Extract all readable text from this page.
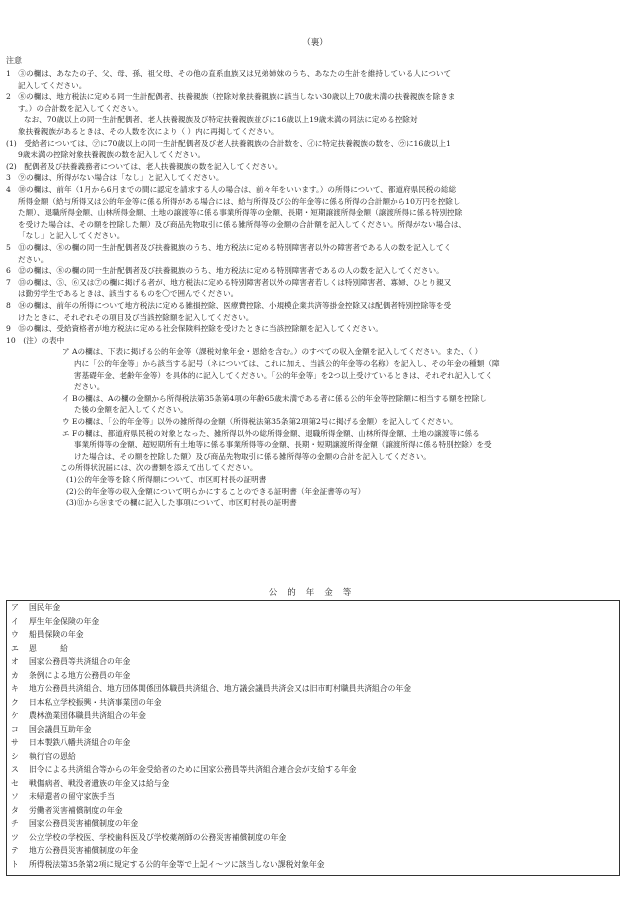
（裏）
注意
1　③の欄は、あなたの子、父、母、孫、祖父母、その他の直系血族又は兄弟姉妹のうち、あなたの生計を維持している人について
記入してください。
2　⑧の欄は、地方税法に定める同一生計配偶者、扶養親族（控除対象扶養親族に該当しない30歳以上70歳未満の扶養親族を除きま
す。）の合計数を記入してください。
なお、70歳以上の同一生計配偶者、老人扶養親族及び特定扶養親族並びに16歳以上19歳未満の同法に定める控除対
象扶養親族があるときは、その人数を次により（ ）内に再掲してください。
(1)　受給者については、㋐に70歳以上の同一生計配偶者及び老人扶養親族の合計数を、㋑に特定扶養親族の数を、㋒に16歳以上1
9歳未満の控除対象扶養親族の数を記入してください。
(2)　配偶者及び扶養義務者については、老人扶養親族の数を記入してください。
3　⑨の欄は、所得がない場合は「なし」と記入してください。
4　⑩の欄は、前年（1月から6月までの間に認定を請求する人の場合は、前々年をいいます。）の所得について、都道府県民税の総総
所得金額（給与所得又は公的年金等に係る所得がある場合には、給与所得及び公的年金等に係る所得の合計額から10万円を控除し
た額）、退職所得金額、山林所得金額、土地の譲渡等に係る事業所得等の金額、長期・短期譲渡所得金額（譲渡所得に係る特別控除
を受けた場合は、その額を控除した額）及び商品先物取引に係る雑所得等の金額の合計額を記入してください。所得がない場合は、
「なし」と記入してください。
5　⑪の欄は、⑧の欄の同一生計配偶者及び扶養親族のうち、地方税法に定める特別障害者以外の障害者である人の数を記入してく
ださい。
6　⑫の欄は、⑧の欄の同一生計配偶者及び扶養親族のうち、地方税法に定める特別障害者であるの人の数を記入してください。
7　⑬の欄は、⑤、⑥又は⑦の欄に掲げる者が、地方税法に定める特別障害者以外の障害者若しくは特別障害者、寡婦、ひとり親又
は勤労学生であるときは、該当するものを〇で囲んでください。
8　⑭の欄は、前年の所得について地方税法に定める雑損控除、医療費控除、小規模企業共済等掛金控除又は配偶者特別控除等を受
けたときに、それぞれその項目及び当該控除額を記入してください。
9　⑮の欄は、受給資格者が地方税法に定める社会保険料控除を受けたときに当該控除額を記入してください。
10　(注）の表中
ア Aの欄は、下表に掲げる公的年金等（課税対象年金・恩給を含む。）のすべての収入金額を記入してください。また、（ ）
内に「公的年金等」から該当する記号（ネについては、これに加え、当該公的年金等の名称）を記入し、その年金の種類（障
害基礎年金、老齢年金等）を具体的に記入してください。「公的年金等」を2つ以上受けているときは、それぞれ記入してく
ださい。
イ Bの欄は、Aの欄の金額から所得税法第35条第4項の年齢65歳未満である者に係る公的年金等控除額に相当する額を控除し
た後の金額を記入してください。
ウ Eの欄は、「公的年金等」以外の雑所得の金額（所得税法第35条第2項第2号に掲げる金額）を記入してください。
エ Fの欄は、都道府県民税の対象となった、雑所得以外の総所得金額、退職所得金額、山林所得金額、土地の譲渡等に係る
事業所得等の金額、超短期所有土地等に係る事業所得等の金額、長期・短期譲渡所得金額（譲渡所得に係る特別控除）を受
けた場合は、その額を控除した額）及び商品先物取引に係る雑所得等の金額の合計を記入してください。
この所得状況届には、次の書類を添えて出してください。
(1)公的年金等を除く所得額について、市区町村長の証明書
(2)公的年金等の収入金額について明らかにすることのできる証明書（年金証書等の写）
(3)⑪から⑭までの欄に記入した事項について、市区町村長の証明書
公的年金等
ア	国民年金
イ	厚生年金保険の年金
ウ	船員保険の年金
エ	恩　　　給
オ	国家公務員等共済組合の年金
カ	条例による地方公務員の年金
キ	地方公務員共済組合、地方団体関係団体職員共済組合、地方議会議員共済会又は旧市町村職員共済組合の年金
ク	日本私立学校振興・共済事業団の年金
ケ	農林漁業団体職員共済組合の年金
コ	国会議員互助年金
サ	日本製鉄八幡共済組合の年金
シ	執行官の恩給
ス	旧令による共済組合等からの年金受給者のために国家公務員等共済組合連合会が支給する年金
セ	戦傷病者、戦没者遺族の年金又は給与金
ソ	未帰還者の留守家族手当
タ	労働者災害補償制度の年金
チ	国家公務員災害補償制度の年金
ツ	公立学校の学校医、学校歯科医及び学校薬剤師の公務災害補償制度の年金
テ	地方公務員災害補償制度の年金
ト	所得税法第35条第2項に規定する公的年金等で上記イ～ツに該当しない課税対象年金
